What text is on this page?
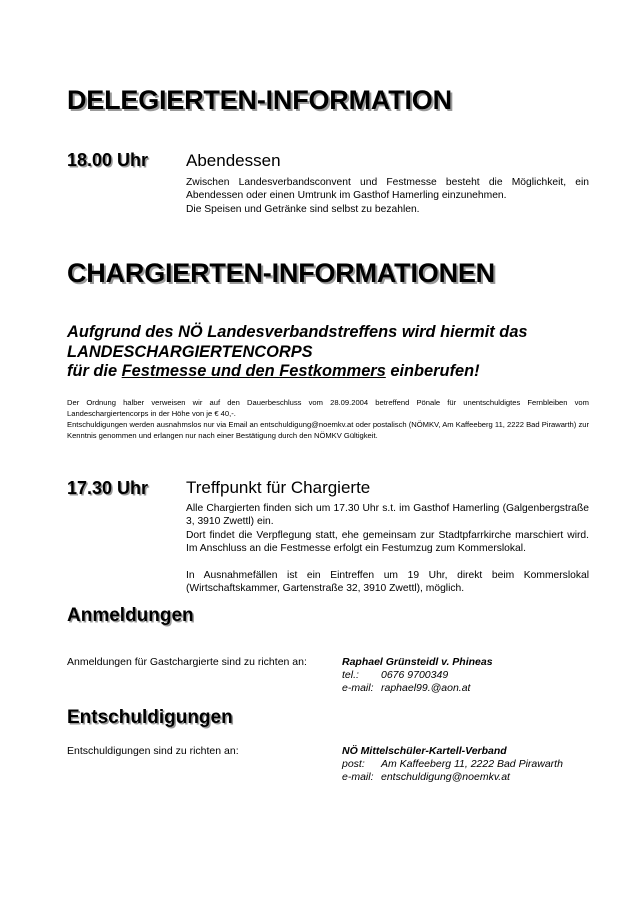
DELEGIERTEN-INFORMATION
18.00 Uhr Abendessen
Zwischen Landesverbandsconvent und Festmesse besteht die Möglichkeit, ein Abendessen oder einen Umtrunk im Gasthof Hamerling einzunehmen.
Die Speisen und Getränke sind selbst zu bezahlen.
CHARGIERTEN-INFORMATIONEN
Aufgrund des NÖ Landesverbandstreffens wird hiermit das
LANDESCHARGIERTENCORPS
für die Festmesse und den Festkommers einberufen!
Der Ordnung halber verweisen wir auf den Dauerbeschluss vom 28.09.2004 betreffend Pönale für unentschuldigtes Fernbleiben vom Landeschargiertencorps in der Höhe von je € 40,-.
Entschuldigungen werden ausnahmslos nur via Email an entschuldigung@noemkv.at oder postalisch (NÖMKV, Am Kaffeeberg 11, 2222 Bad Pirawarth) zur Kenntnis genommen und erlangen nur nach einer Bestätigung durch den NÖMKV Gültigkeit.
17.30 Uhr Treffpunkt für Chargierte
Alle Chargierten finden sich um 17.30 Uhr s.t. im Gasthof Hamerling (Galgenbergstraße 3, 3910 Zwettl) ein.
Dort findet die Verpflegung statt, ehe gemeinsam zur Stadtpfarrkirche marschiert wird. Im Anschluss an die Festmesse erfolgt ein Festumzug zum Kommerslokal.
In Ausnahmefällen ist ein Eintreffen um 19 Uhr, direkt beim Kommerslokal (Wirtschaftskammer, Gartenstraße 32, 3910 Zwettl), möglich.
Anmeldungen
Anmeldungen für Gastchargierte sind zu richten an:	Raphael Grünsteidl v. Phineas
tel.: 0676 9700349
e-mail: raphael99.@aon.at
Entschuldigungen
Entschuldigungen sind zu richten an:	NÖ Mittelschüler-Kartell-Verband
post: Am Kaffeeberg 11, 2222 Bad Pirawarth
e-mail: entschuldigung@noemkv.at
